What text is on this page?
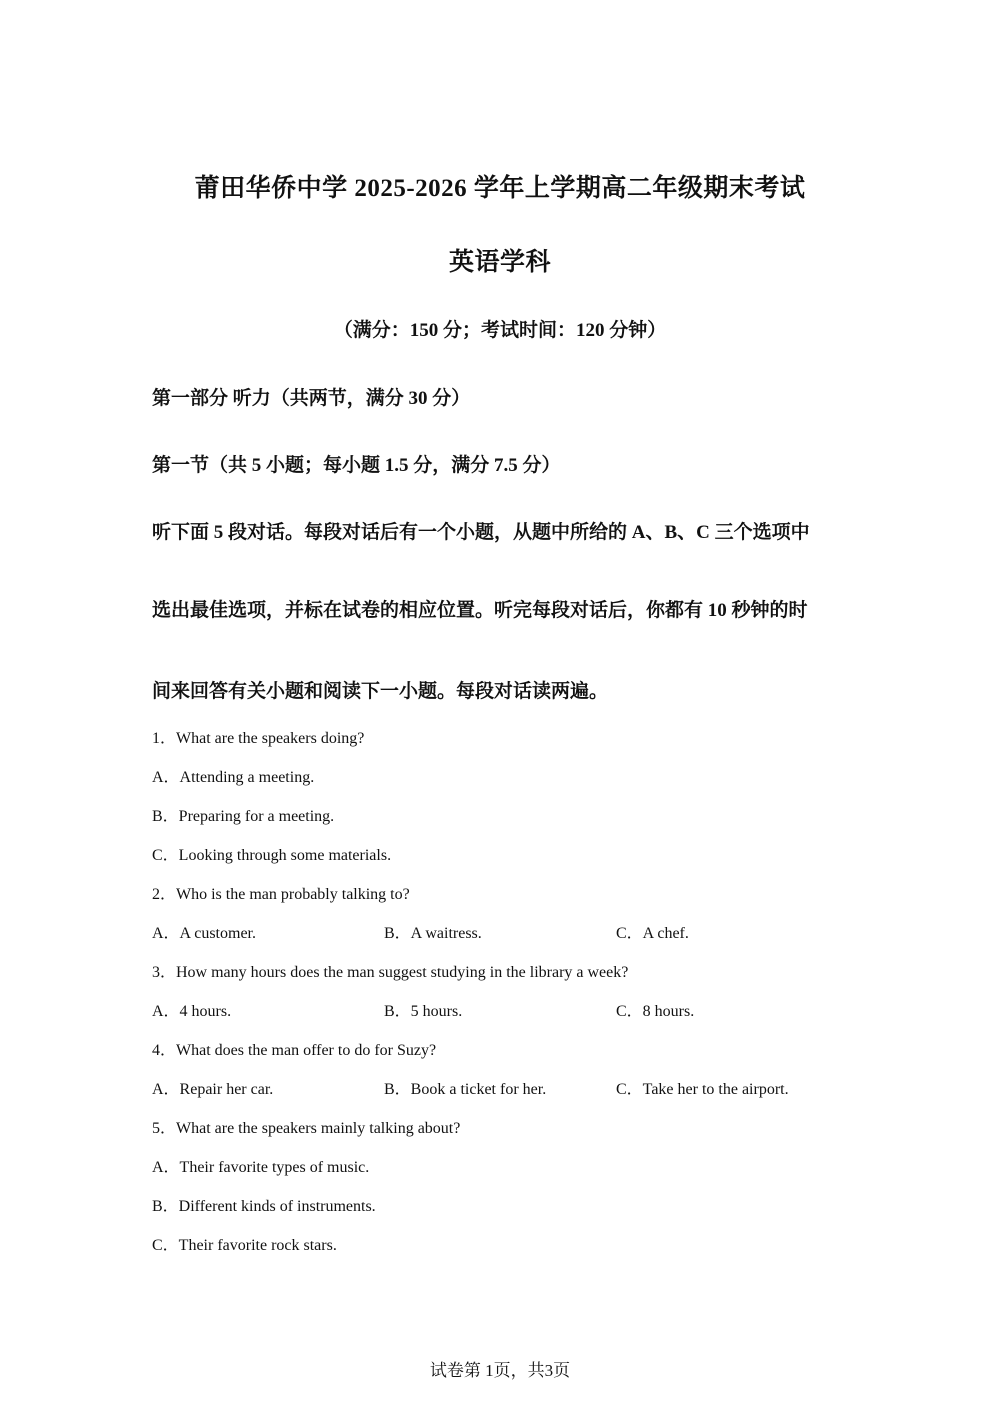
莆田华侨中学 2025-2026 学年上学期高二年级期末考试
英语学科
（满分：150 分；考试时间：120 分钟）
第一部分 听力（共两节，满分 30 分）
第一节（共 5 小题；每小题 1.5 分，满分 7.5 分）
听下面 5 段对话。每段对话后有一个小题，从题中所给的 A、B、C 三个选项中
选出最佳选项，并标在试卷的相应位置。听完每段对话后，你都有 10 秒钟的时
间来回答有关小题和阅读下一小题。每段对话读两遍。
1．What are the speakers doing?
A．Attending a meeting.
B．Preparing for a meeting.
C．Looking through some materials.
2．Who is the man probably talking to?
A．A customer.	B．A waitress.	C．A chef.
3．How many hours does the man suggest studying in the library a week?
A．4 hours.	B．5 hours.	C．8 hours.
4．What does the man offer to do for Suzy?
A．Repair her car.	B．Book a ticket for her.	C．Take her to the airport.
5．What are the speakers mainly talking about?
A．Their favorite types of music.
B．Different kinds of instruments.
C．Their favorite rock stars.
试卷第 1页，共3页
